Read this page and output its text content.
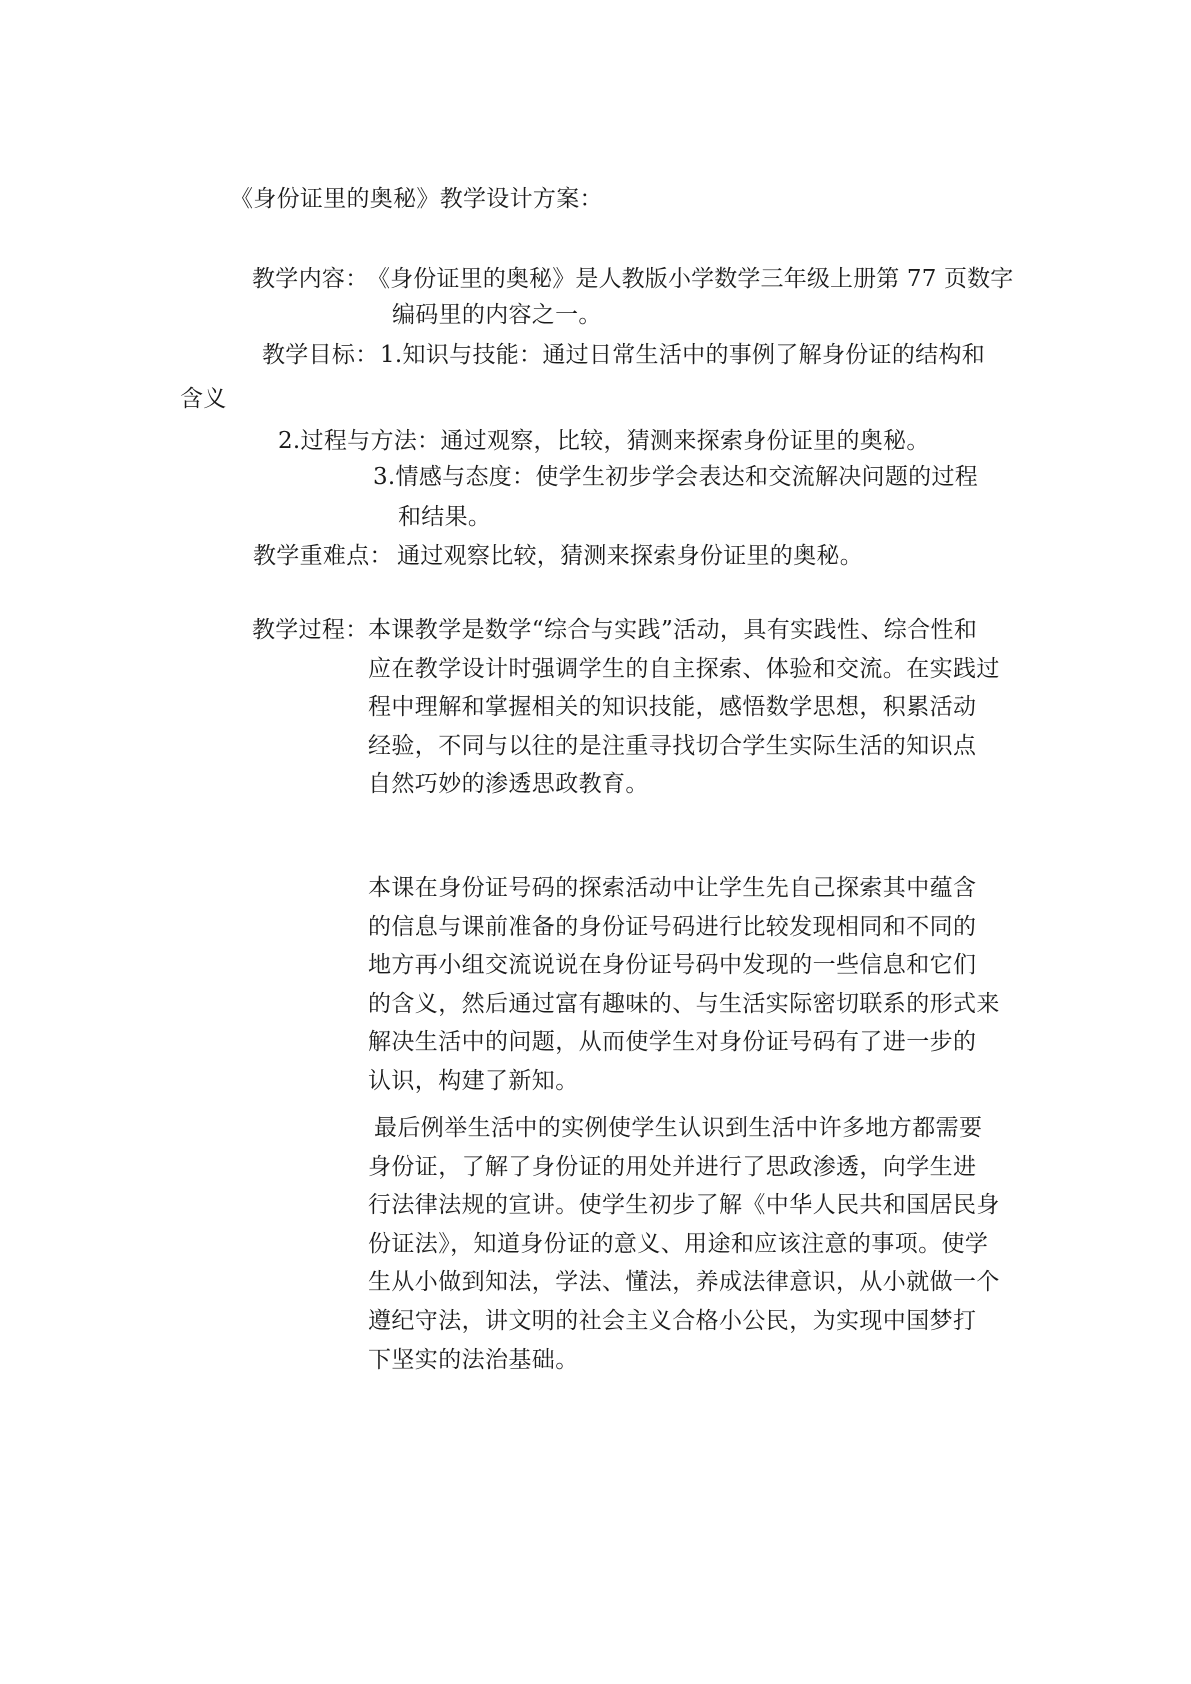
《身份证里的奥秘》教学设计方案：
教学内容：
《身份证里的奥秘》是人教版小学数学三年级上册第 77 页数字
编码里的内容之一。
教学目标： 1.知识与技能：通过日常生活中的事例了解身份证的结构和
含义
2.过程与方法：通过观察，比较，猜测来探索身份证里的奥秘。
3.情感与态度：使学生初步学会表达和交流解决问题的过程
和结果。
教学重难点： 通过观察比较，猜测来探索身份证里的奥秘。
教学过程： 本课教学是数学“综合与实践”活动，具有实践性、综合性和
应在教学设计时强调学生的自主探索、体验和交流。在实践过
程中理解和掌握相关的知识技能，感悟数学思想，积累活动
经验，不同与以往的是注重寻找切合学生实际生活的知识点
自然巧妙的渗透思政教育。
本课在身份证号码的探索活动中让学生先自己探索其中蕴含
的信息与课前准备的身份证号码进行比较发现相同和不同的
地方再小组交流说说在身份证号码中发现的一些信息和它们
的含义，然后通过富有趣味的、与生活实际密切联系的形式来
解决生活中的问题，从而使学生对身份证号码有了进一步的
认识，构建了新知。
最后例举生活中的实例使学生认识到生活中许多地方都需要
身份证，了解了身份证的用处并进行了思政渗透，向学生进
行法律法规的宣讲。使学生初步了解《中华人民共和国居民身
份证法》，知道身份证的意义、用途和应该注意的事项。使学
生从小做到知法，学法、懂法，养成法律意识，从小就做一个
遵纪守法，讲文明的社会主义合格小公民，为实现中国梦打
下坚实的法治基础。
